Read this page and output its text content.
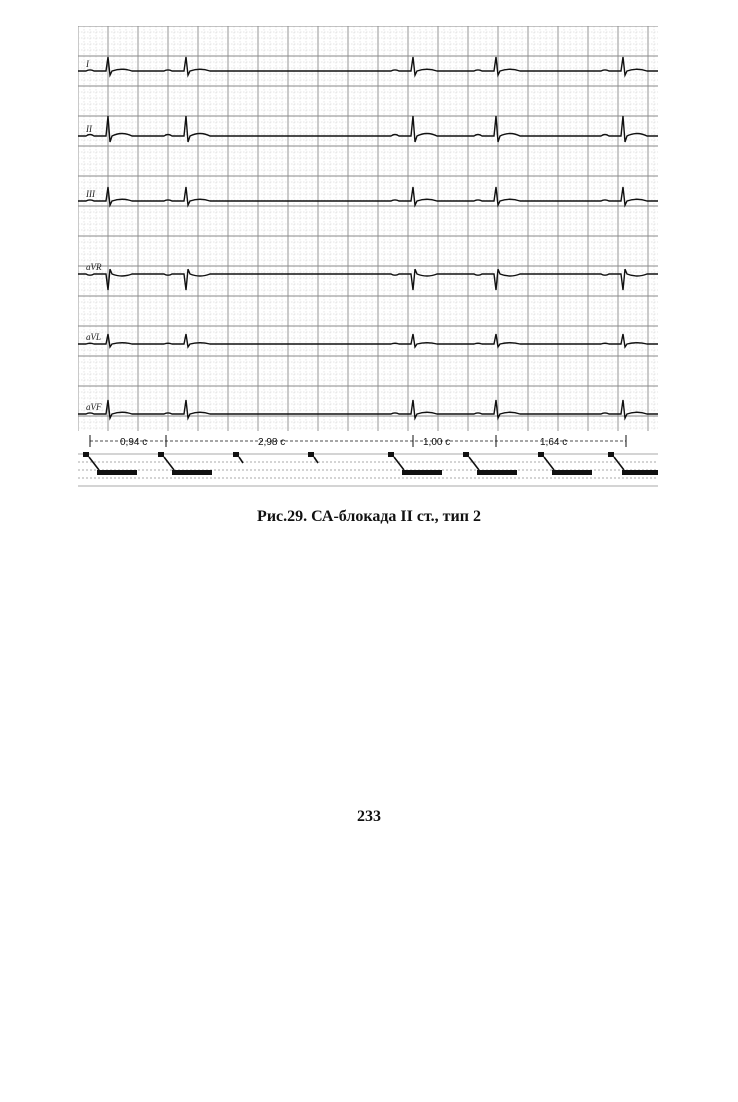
I
II
III
aVR
aVL
aVF
0,94 с	2,98 с	1,00 с	1,64 с
Рис.29. СА-блокада II ст., тип 2
233
